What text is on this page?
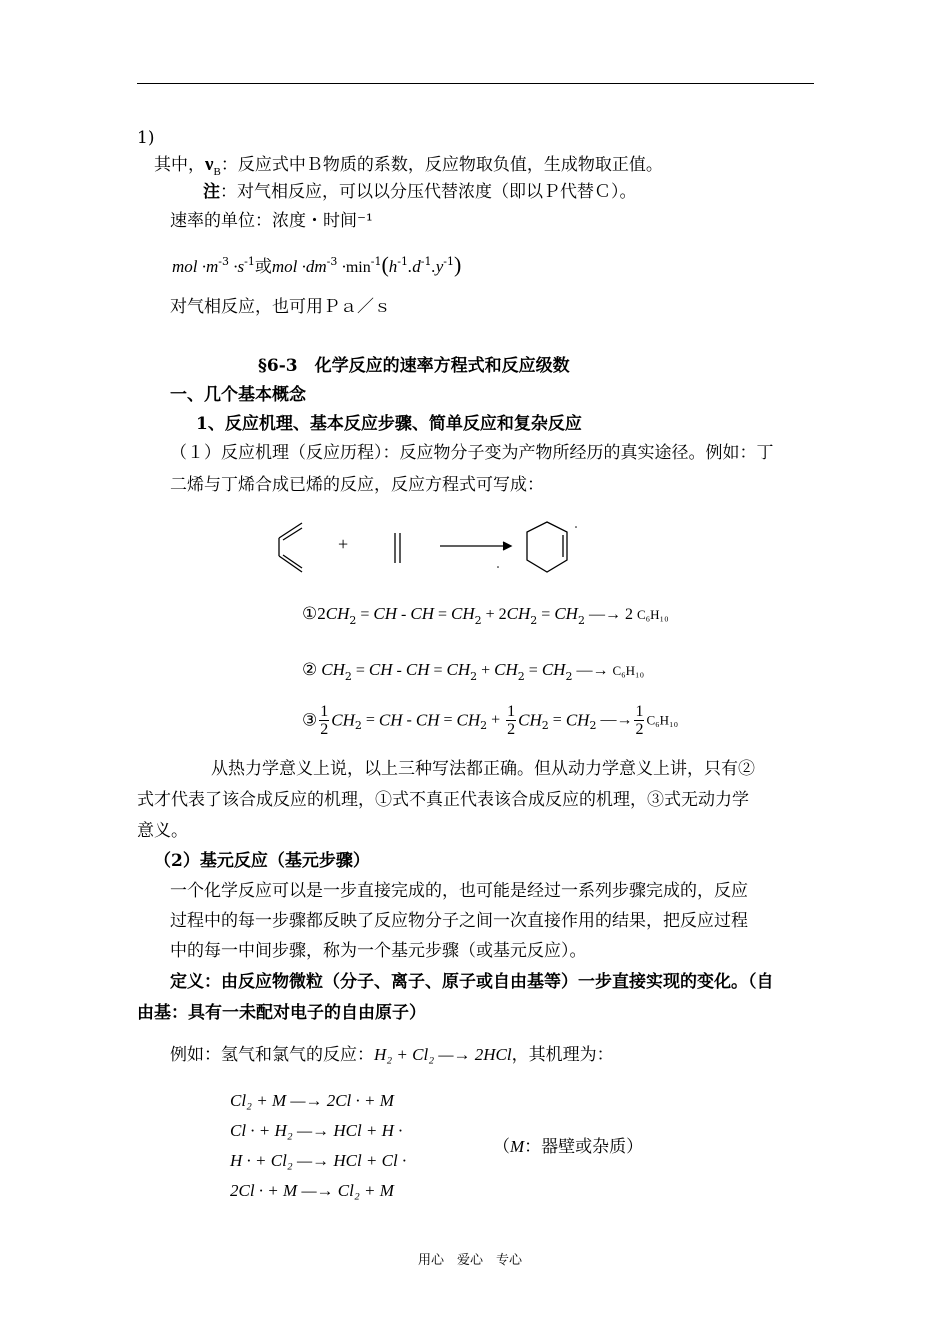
1)
其中，$\nu_B$：反应式中Ｂ物质的系数，反应物取负值，生成物取正值。
注：对气相反应，可以以分压代替浓度（即以Ｐ代替Ｃ）。
速率的单位：浓度・时间⁻¹
mol $\cdot m^{-3} \cdot s^{-1}$或mol $\cdot dm^{-3} \cdot\min^{-1}(h^{-1}.d^{-1}.y^{-1})$
对气相反应，也可用Ｐａ／ｓ
§6-3　化学反应的速率方程式和反应级数
一、几个基本概念
1、反应机理、基本反应步骤、简单反应和复杂反应
（１）反应机理（反应历程）：反应物分子变为产物所经历的真实途径。例如：丁
二烯与丁烯合成已烯的反应，反应方程式可写成：
+
$①2CH_2$ = CH - CH = $CH_2 + 2CH_2 = CH_2$ —→ 2 C₆H₁₀
② $CH_2$ = CH - CH = $CH_2 + CH_2 = CH_2$ —→ C₆H₁₀
③ $\frac{1}{2} CH_2$ = CH - CH = $CH_2 + \frac{1}{2} CH_2 = CH_2$ —→ $\frac{1}{2} C_6H_{10}$
从热力学意义上说，以上三种写法都正确。但从动力学意义上讲，只有②
式才代表了该合成反应的机理，①式不真正代表该合成反应的机理，③式无动力学
意义。
（2）基元反应（基元步骤）
一个化学反应可以是一步直接完成的，也可能是经过一系列步骤完成的，反应
过程中的每一步骤都反映了反应物分子之间一次直接作用的结果，把反应过程
中的每一中间步骤，称为一个基元步骤（或基元反应）。
定义：由反应物微粒（分子、离子、原子或自由基等）一步直接实现的变化。（自
由基：具有一未配对电子的自由原子）
例如：氢气和氯气的反应：H₂ + Cl₂ —→ 2HCl，其机理为：
Cl₂ + M —→ 2Cl · + M
Cl · + H₂ —→ HCl + H ·
H · + Cl₂ —→ HCl + Cl ·
2Cl · + M —→ Cl₂ + M
（M：器壁或杂质）
用心　爱心　专心
